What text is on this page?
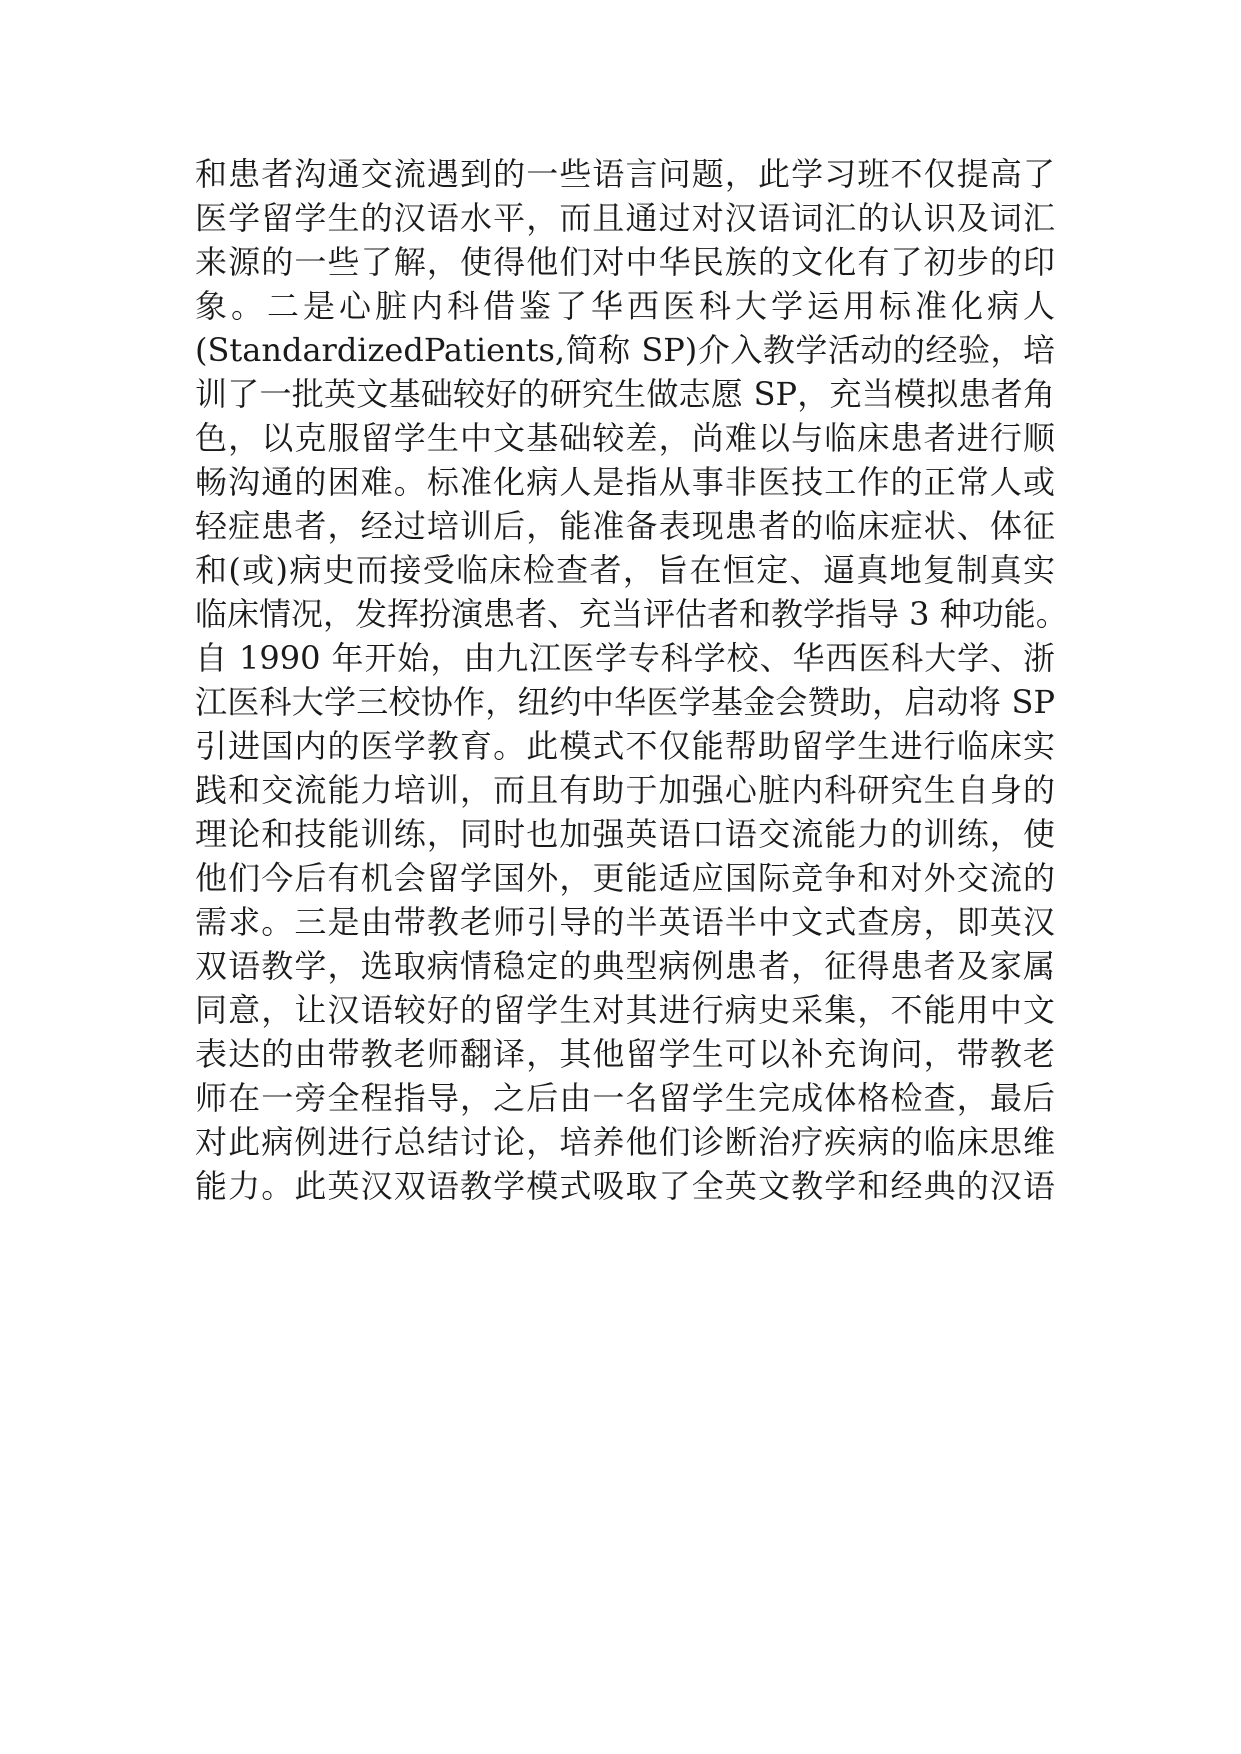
和患者沟通交流遇到的一些语言问题，此学习班不仅提高了
医学留学生的汉语水平，而且通过对汉语词汇的认识及词汇
来源的一些了解，使得他们对中华民族的文化有了初步的印
象。二是心脏内科借鉴了华西医科大学运用标准化病人
(StandardizedPatients,简称 SP)介入教学活动的经验，培
训了一批英文基础较好的研究生做志愿 SP，充当模拟患者角
色，以克服留学生中文基础较差，尚难以与临床患者进行顺
畅沟通的困难。标准化病人是指从事非医技工作的正常人或
轻症患者，经过培训后，能准备表现患者的临床症状、体征
和(或)病史而接受临床检查者，旨在恒定、逼真地复制真实
临床情况，发挥扮演患者、充当评估者和教学指导 3 种功能。
自 1990 年开始，由九江医学专科学校、华西医科大学、浙
江医科大学三校协作，纽约中华医学基金会赞助，启动将 SP
引进国内的医学教育。此模式不仅能帮助留学生进行临床实
践和交流能力培训，而且有助于加强心脏内科研究生自身的
理论和技能训练，同时也加强英语口语交流能力的训练，使
他们今后有机会留学国外，更能适应国际竞争和对外交流的
需求。三是由带教老师引导的半英语半中文式查房，即英汉
双语教学，选取病情稳定的典型病例患者，征得患者及家属
同意，让汉语较好的留学生对其进行病史采集，不能用中文
表达的由带教老师翻译，其他留学生可以补充询问，带教老
师在一旁全程指导，之后由一名留学生完成体格检查，最后
对此病例进行总结讨论，培养他们诊断治疗疾病的临床思维
能力。此英汉双语教学模式吸取了全英文教学和经典的汉语
